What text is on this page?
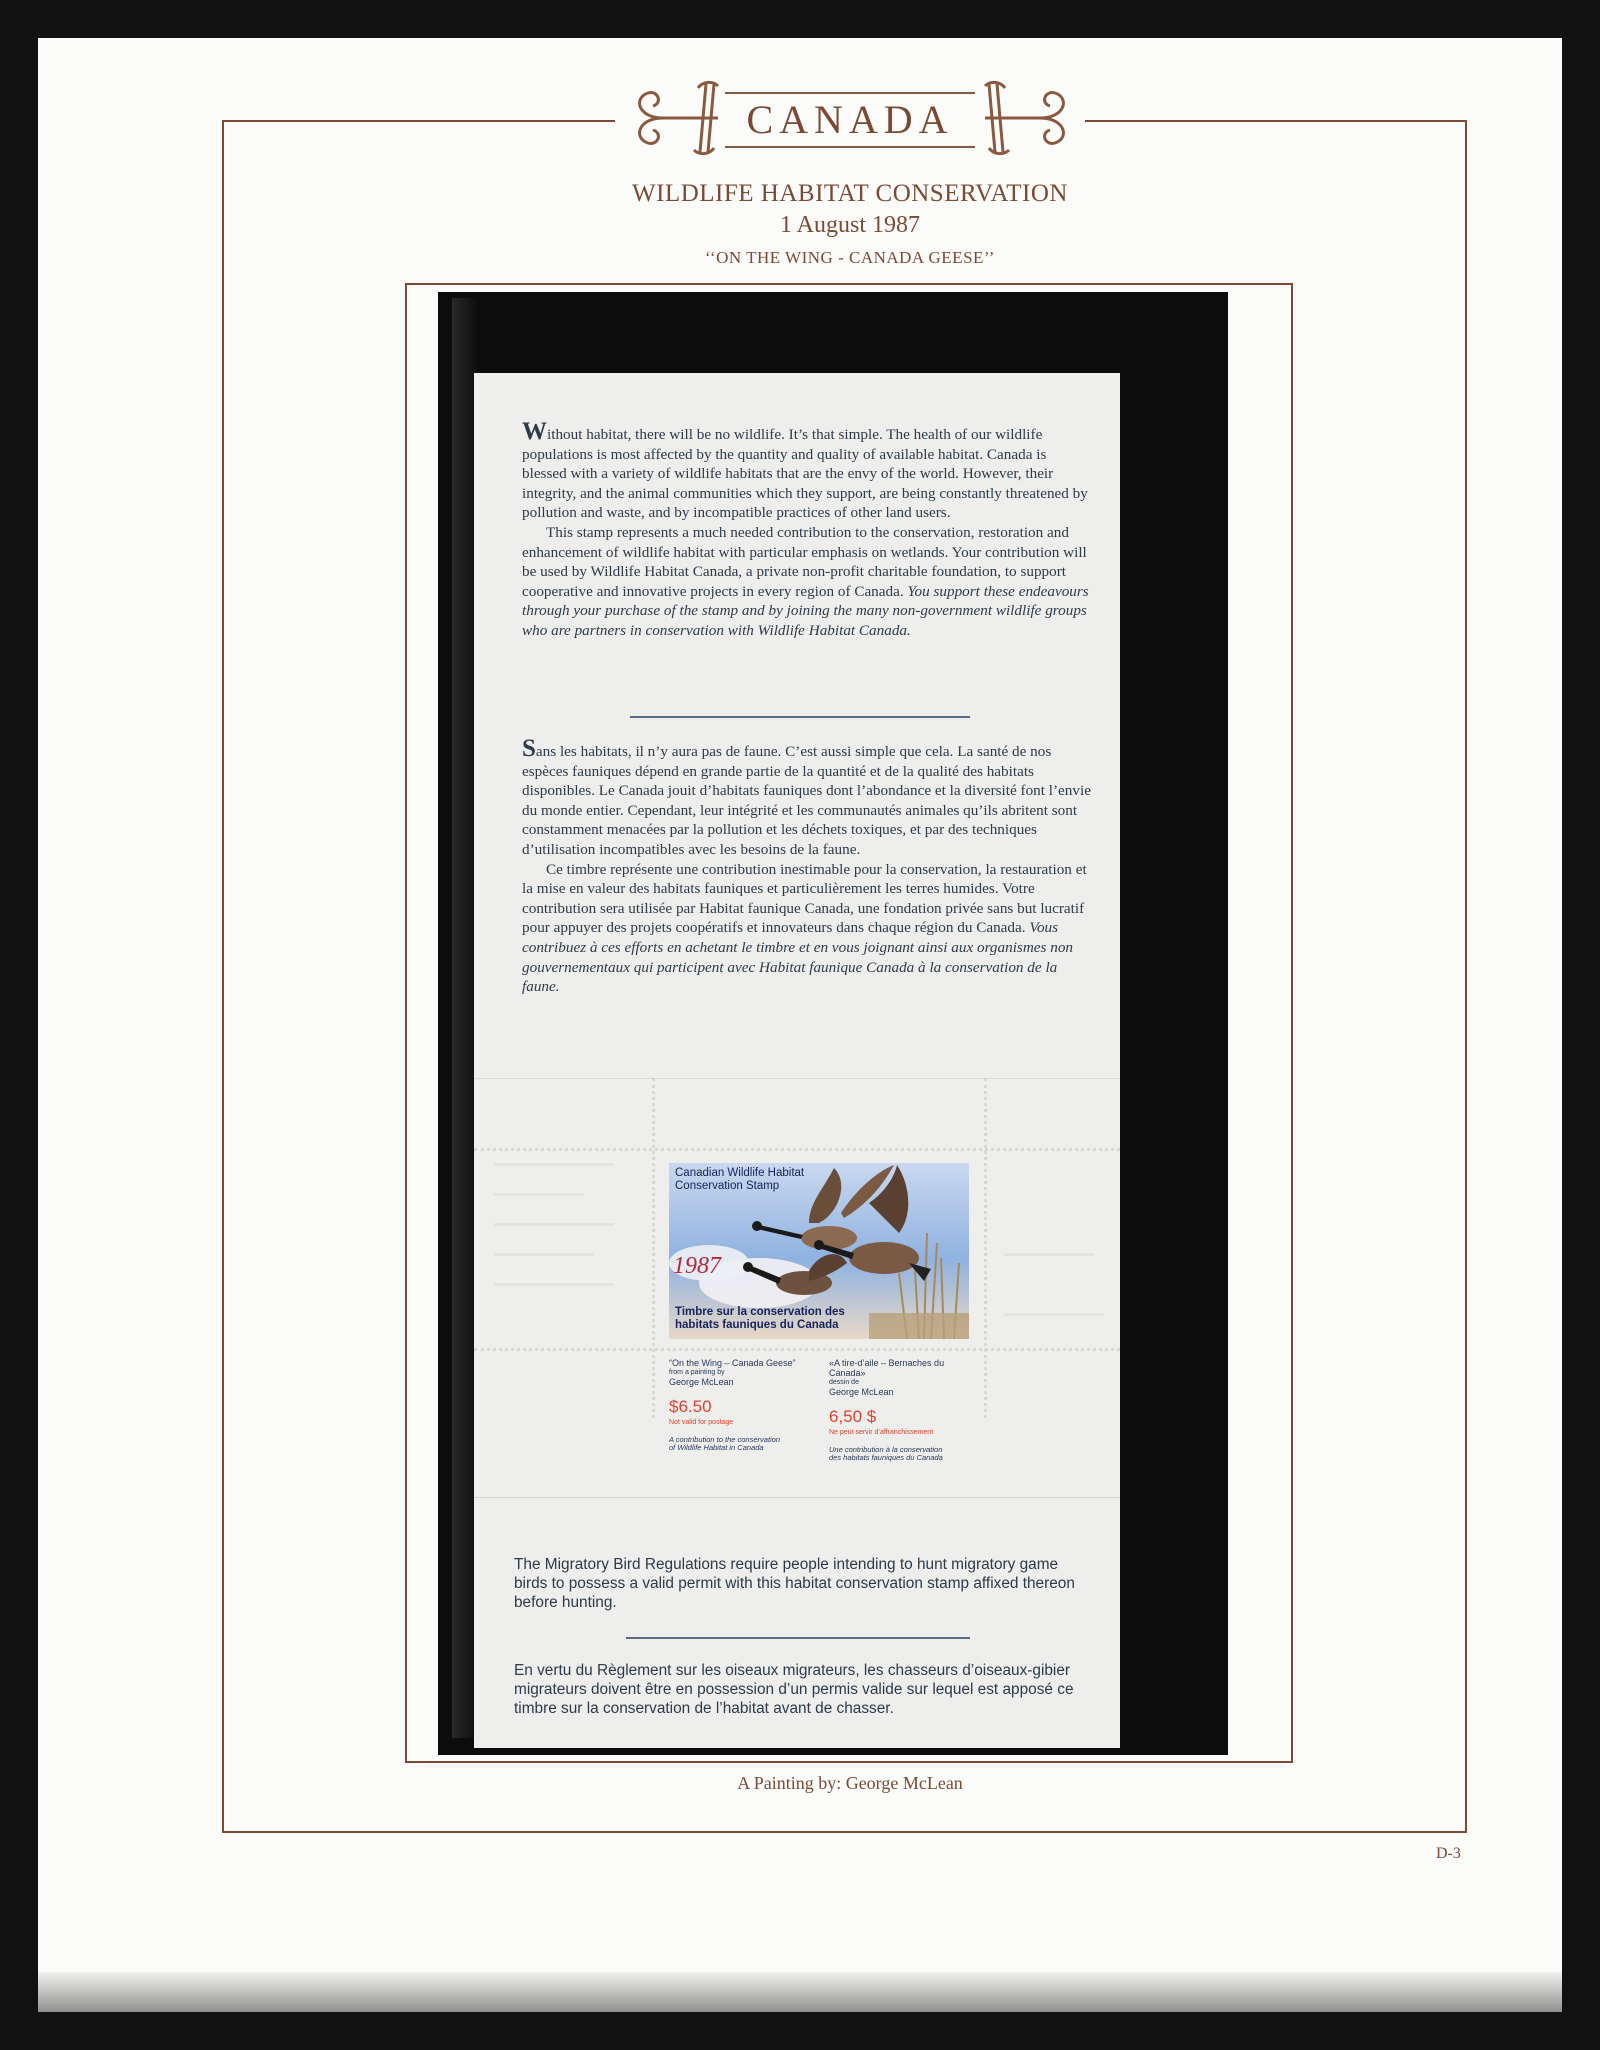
CANADA
WILDLIFE HABITAT CONSERVATION
1 August 1987
‘‘ON THE WING - CANADA GEESE’’
Without habitat, there will be no wildlife. It’s that simple. The health of our wildlife populations is most affected by the quantity and quality of available habitat. Canada is blessed with a variety of wildlife habitats that are the envy of the world. However, their integrity, and the animal communities which they support, are being constantly threatened by pollution and waste, and by incompatible practices of other land users.
This stamp represents a much needed contribution to the conservation, restoration and enhancement of wildlife habitat with particular emphasis on wetlands. Your contribution will be used by Wildlife Habitat Canada, a private non-profit charitable foundation, to support cooperative and innovative projects in every region of Canada. You support these endeavours through your purchase of the stamp and by joining the many non-government wildlife groups who are partners in conservation with Wildlife Habitat Canada.
Sans les habitats, il n’y aura pas de faune. C’est aussi simple que cela. La santé de nos espèces fauniques dépend en grande partie de la quantité et de la qualité des habitats disponibles. Le Canada jouit d’habitats fauniques dont l’abondance et la diversité font l’envie du monde entier. Cependant, leur intégrité et les communautés animales qu’ils abritent sont constamment menacées par la pollution et les déchets toxiques, et par des techniques d’utilisation incompatibles avec les besoins de la faune.
Ce timbre représente une contribution inestimable pour la conservation, la restauration et la mise en valeur des habitats fauniques et particulièrement les terres humides. Votre contribution sera utilisée par Habitat faunique Canada, une fondation privée sans but lucratif pour appuyer des projets coopératifs et innovateurs dans chaque région du Canada. Vous contribuez à ces efforts en achetant le timbre et en vous joignant ainsi aux organismes non gouvernementaux qui participent avec Habitat faunique Canada à la conservation de la faune.
Canadian Wildlife Habitat
Conservation Stamp
1987
Timbre sur la conservation des
habitats fauniques du Canada
“On the Wing – Canada Geese”
from a painting by
George McLean
$6.50
Not valid for postage
A contribution to the conservation
of Wildlife Habitat in Canada
«A tire-d’aile – Bernaches du Canada»
dessin de
George McLean
6,50 $
Ne peut servir d’affranchissement
Une contribution à la conservation
des habitats fauniques du Canada
The Migratory Bird Regulations require people intending to hunt migratory game birds to possess a valid permit with this habitat conservation stamp affixed thereon before hunting.
En vertu du Règlement sur les oiseaux migrateurs, les chasseurs d’oiseaux-gibier migrateurs doivent être en possession d’un permis valide sur lequel est apposé ce timbre sur la conservation de l’habitat avant de chasser.
A Painting by: George McLean
D-3
